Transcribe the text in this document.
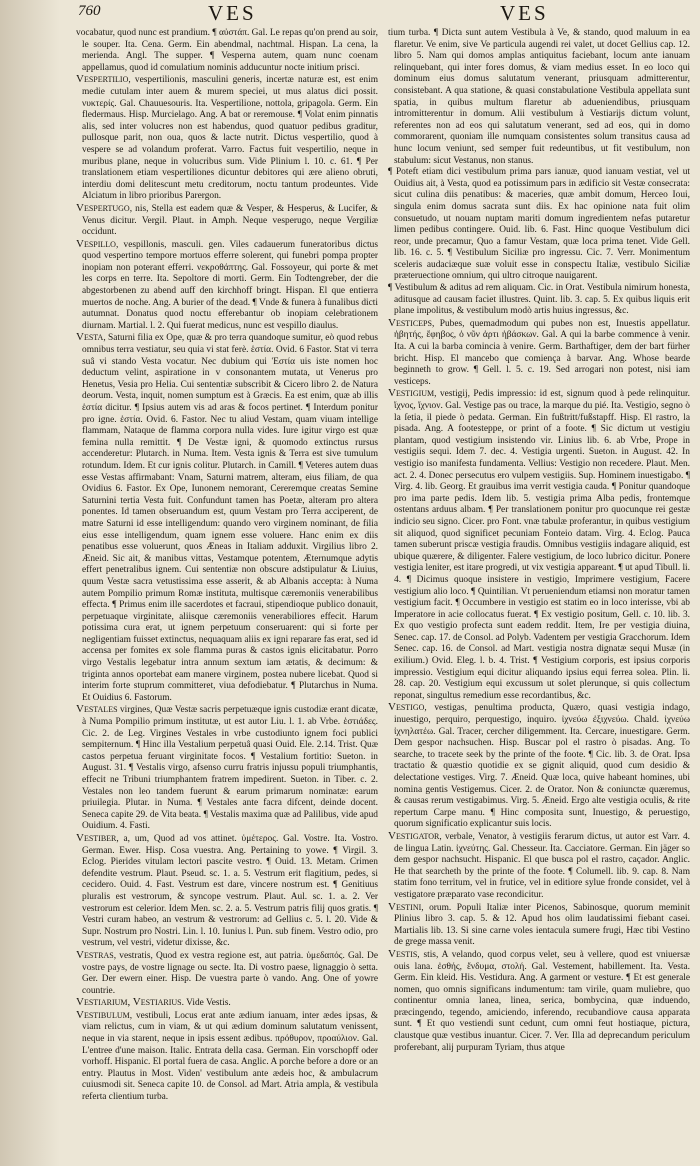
760	VES	VES

vocabatur, quod nunc est prandium. ¶ αὐστάπ. Gal. Le repas qu'on prend au soir, le souper. Ita. Cena. Germ. Ein abendmal, nachtmal. Hispan. La cena, la merienda. Angl. The supper. ¶ Vesperna autem, quam nunc coenam appellamus, quod id comulatium nominis adducuntur nocte initium prisci.

Vespertilio, vespertilionis, masculini generis, incertæ naturæ est, est enim medie cutulam inter auem & murem speciei, ut mus alatus dici possit. νυκτερίς. Gal. Chauuesouris. Ita. Vespertilione, nottola, gripagola. Germ. Ein fledermaus. Hisp. Murcielago. Ang. A bat or reremouse. ¶ Volat enim pinnatis alis, sed inter volucres non est habendus, quod quatuor pedibus graditur, pullosque parit, non oua, quos & lacte nutrit. Dictus vespertilio, quod à vespere se ad volandum proferat. Varro. Factus fuit vespertilio, neque in muribus plane, neque in volucribus sum. Vide Plinium l. 10. c. 61. ¶ Per translationem etiam vespertiliones dicuntur debitores qui ære alieno obruti, interdiu domi delitescunt metu creditorum, noctu tantum prodeuntes. Vide Alciatum in libro prioribus Parergon.

Vespertugo, nis, Stella est eadem quæ & Vesper, & Hesperus, & Lucifer, & Venus dicitur. Vergil. Plaut. in Amph. Neque vesperugo, neque Vergiliæ occidunt.

Vespillo, vespillonis, masculi. gen. Viles cadauerum funeratoribus dictus quod vespertino tempore mortuos efferre solerent, qui funebri pompa propter inopiam non poterant efferri. νεκροθάπτης. Gal. Fossoyeur, qui porte & met les corps en terre. Ita. Sepoltore di morti. Germ. Ein Todtengreber, der die abgestorbenen zu abend auff den kirchhoff bringt. Hispan. El que entierra muertos de noche. Ang. A burier of the dead. ¶ Vnde & funera à funalibus dicti autumnat. Donatus quod noctu efferebantur ob inopiam celebrationem diurnam. Martial. l. 2. Qui fuerat medicus, nunc est vespillo diaulus.

Vesta, Saturni filia ex Ope, quæ & pro terra quandoque sumitur, eò quod rebus omnibus terra vestiatur, seu quia vi stat ferè. ἑστία. Ovid. 6 Fastor. Stat vi terra suâ vi stando Vesta vocatur. Nec dubium qui Ἑστία uis iste nomen hoc deductum velint, aspiratione in v consonantem mutata, ut Venerus pro Henetus, Vesia pro Helia. Cui sententiæ subscribit & Cicero libro 2. de Natura deorum. Vesta, inquit, nomen sumptum est à Græcis. Ea est enim, quæ ab illis ἑστία dicitur. ¶ Ipsius autem vis ad aras & focos pertinet. ¶ Interdum ponitur pro igne. ἑστία. Ovid. 6. Fastor. Nec tu aliud Vestam, quam viuam intellige flammam, Nataque de flamma corpora nulla vides. Iure igitur virgo est quæ femina nulla remittit. ¶ De Vestæ igni, & quomodo extinctus rursus accenderetur: Plutarch. in Numa. Item. Vesta ignis & Terra est sive tumulum rotundum. Idem. Et cur ignis colitur. Plutarch. in Camill. ¶ Veteres autem duas esse Vestas affirmabant: Vnam, Saturni matrem, alteram, eius filiam, de qua Ovidius 6. Fastor. Ex Ope, Iunonem nemorant, Cereremque creatas Semine Saturnini tertia Vesta fuit. Confundunt tamen has Poetæ, alteram pro altera ponentes. Id tamen obseruandum est, quum Vestam pro Terra acciperent, de matre Saturni id esse intelligendum: quando vero virginem nominant, de filia eius esse intelligendum, quam ignem esse voluere. Hanc enim ex diis penatibus esse voluerunt, quos Æneas in Italiam adduxit. Virgilius libro 2. Æneid. Sic ait, & manibus vittas, Vestamque potentem, Æternumque adytis effert penetralibus ignem. Cui sententiæ non obscure adstipulatur & Liuius, quum Vestæ sacra vetustissima esse asserit, & ab Albanis accepta: à Numa autem Pompilio primum Romæ instituta, multisque cæremoniis venerabilibus effecta. ¶ Primus enim ille sacerdotes et facraui, stipendioque publico donauit, perpetuaque virginitate, aliisque cæremoniis venerabiliores effecit. Harum potissima cura erat, ut ignem perpetuum conseruarent: qui si forte per negligentiam fuisset extinctus, nequaquam aliis ex igni reparare fas erat, sed id accensa per fomites ex sole flamma puras & castos ignis elicitabatur. Porro virgo Vestalis legebatur intra annum sextum iam ætatis, & decimum: & triginta annos oportebat eam manere virginem, postea nubere licebat. Quod si interim forte stuprum committeret, viua defodiebatur. ¶ Plutarchus in Numa. Et Ouidius 6. Fastorum.

Vestales virgines, Quæ Vestæ sacris perpetuæque ignis custodiæ erant dicatæ, à Numa Pompilio primum institutæ, ut est autor Liu. l. 1. ab Vrbe. ἑστιάδες. Cic. 2. de Leg. Virgines Vestales in vrbe custodiunto ignem foci publici sempiternum. ¶ Hinc illa Vestalium perpetuâ quasi Ouid. Ele. 2.14. Trist. Quæ castos perpetua feruant virginitate focos. ¶ Vestalium fortitio: Sueton. in August. 31. ¶ Vestalis virgo, afsenso curru fratris injussu populi triumphantis, effecit ne Tribuni triumphantem fratrem impedirent. Sueton. in Tiber. c. 2. Vestales non leo tandem fuerunt & earum primarum nominatæ: earum priuilegia. Plutar. in Numa. ¶ Vestales ante facra difcent, deinde docent. Seneca capite 29. de Vita beata. ¶ Vestalis maxima quæ ad Palilibus, vide apud Ouidium. 4. Fasti.

Vestiber, a, um, Quod ad vos attinet. ὑμέτερος. Gal. Vostre. Ita. Vostro. German. Ewer. Hisp. Cosa vuestra. Ang. Pertaining to yowe. ¶ Virgil. 3. Eclog. Pierides vitulam lectori pascite vestro. ¶ Ouid. 13. Metam. Crimen defendite vestrum. Plaut. Pseud. sc. 1. a. 5. Vestrum erit flagitium, pedes, si cecidero. Ouid. 4. Fast. Vestrum est dare, vincere nostrum est. ¶ Genitiuus pluralis est vestrorum, & syncope vestrum. Plaut. Aul. sc. 1. a. 2. Ver vestrorum est celerior. Idem Men. sc. 2. a. 5. Vestrum patris filij quos gratis. ¶ Vestri curam habeo, an vestrum & vestrorum: ad Gellius c. 5. l. 20. Vide & Supr. Nostrum pro Nostri. Lin. l. 10. Iunius l. Pun. sub finem. Vestro odio, pro vestrum, vel vestri, videtur dixisse, &c.

Vestras, vestratis, Quod ex vestra regione est, aut patria. ὑμεδαπός. Gal. De vostre pays, de vostre lignage ou secte. Ita. Di vostro paese, lignaggio ò setta. Ger. Der ewern einer. Hisp. De vuestra parte ò vando. Ang. One of yowre countrie.

Vestiarium, Vestiarius. Vide Vestis.

Vestibulum, vestibuli, Locus erat ante ædium ianuam, inter ædes ipsas, & viam relictus, cum in viam, & ut qui ædium dominum salutatum venissent, neque in via starent, neque in ipsis essent ædibus. πρόθυρον, προαύλιον. Gal. L'entree d'une maison. Italic. Entrata della casa. German. Ein vorschopff oder vorhoff. Hispanic. El portal fuera de casa. Anglic. A porche before a dore or an entry. Plautus in Most. Viden' vestibulum ante ædeis hoc, & ambulacrum cuiusmodi sit. Seneca capite 10. de Consol. ad Mart. Atria ampla, & vestibula referta clientium turba.

tium turba. ¶ Dicta sunt autem Vestibula à Ve, & stando, quod maluum in ea flaretur. Ve enim, sive Ve particula augendi rei valet, ut docet Gellius cap. 12. libro 5. Nam qui domos amplas antiquitus faciebant, locum ante ianuam relinquebant, qui inter fores domus, & viam medius esset. In eo loco qui dominum eius domus salutatum venerant, priusquam admitterentur, consistebant. A qua statione, & quasi constabulatione Vestibula appellata sunt spatia, in quibus multum flaretur ab adueniendibus, priusquam intromitterentur in domum. Alii vestibulum à Vestiarijs dictum volunt, referentes non ad eos qui salutatum venerant, sed ad eos, qui in domo commorarent, quoniam ille numquam consistentes solum transitus causa ad hunc locum veniunt, sed semper fuit redeuntibus, ut fit vestibulum, non stabulum: sicut Vestanus, non stanus.

¶ Poteft etiam dici vestibulum prima pars ianuæ, quod ianuam vestiat, vel ut Ouidius ait, à Vesta, quod ea potissimum pars in ædificio sit Vestæ consecrata: sicut culina diis penatibus: & maceries, quæ ambit domum, Herceo Ioui, singula enim domus sacrata sunt diis. Ex hac opinione nata fuit olim consuetudo, ut nouam nuptam mariti domum ingredientem nefas putaretur limen pedibus contingere. Ouid. lib. 6. Fast. Hinc quoque Vestibulum dici reor, unde precamur, Quo a famur Vestam, quæ loca prima tenet. Vide Gell. lib. 16. c. 5. ¶ Vestibulum Siciliæ pro ingressu. Cic. 7. Verr. Monimentum sceleris audaciæque suæ voluit esse in conspectu Italiæ, vestibulo Siciliæ præteruectione omnium, qui ultro citroque nauigarent.

¶ Vestibulum & aditus ad rem aliquam. Cic. in Orat. Vestibula nimirum honesta, aditusque ad causam faciet illustres. Quint. lib. 3. cap. 5. Ex quibus liquis erit plane impolitus, & vestibulum modò artis huius ingressus, &c.

Vesticeps, Pubes, quemadmodum qui pubes non est, Inuestis appellatur. ἡβητής, ἔφηβος, ὁ νῦν ἀρτι ἡβάσκων. Gal. A qui la barbe commence à venir. Ita. A cui la barba comincia à venire. Germ. Barthaftiger, dem der bart fürher bricht. Hisp. El mancebo que comiença à barvar. Ang. Whose bearde beginneth to grow. ¶ Gell. l. 5. c. 19. Sed arrogari non potest, nisi iam vesticeps.

Vestigium, vestigij, Pedis impressio: id est, signum quod à pede relinquitur. ἴχνος, ἴχνιον. Gal. Vestige pas ou trace, la marque du pié. Ita. Vestigio, segno ò la ſetia, il piede ò pedata. German. Ein fußtritt/fußstapff. Hisp. El rastro, la pisada. Ang. A footesteppe, or print of a foote. ¶ Sic dictum ut vestigiu plantam, quod vestigium insistendo vir. Linius lib. 6. ab Vrbe, Prope in vestigiis sequi. Idem 7. dec. 4. Vestigia urgenti. Sueton. in August. 42. In vestigio iso manifesta fundamenta. Vellius: Vestigio non recedere. Plaut. Men. act. 2. 4. Donec persecutus ero vulpem vestigiis. Sup. Hominem inuestigabo. ¶ Virg. 4. lib. Georg. Et grauibus ima verrit vestigia cauda. ¶ Ponitur quandoque pro ima parte pedis. Idem lib. 5. vestigia prima Alba pedis, frontemque ostentans arduus albam. ¶ Per translationem ponitur pro quocunque rei gestæ indicio seu signo. Cicer. pro Font. vnæ tabulæ proferantur, in quibus vestigium sit aliquod, quod significet pecuniam Fonteio datam. Virg. 4. Eclog. Pauca tamen suberunt priscæ vestigia fraudis. Omnibus vestigiis indagare aliquid, est ubique quærere, & diligenter. Falere vestigium, de loco lubrico dicitur. Ponere vestigia leniter, est itare progredi, ut vix vestigia appareant. ¶ ut apud Tibull. li. 4. ¶ Dicimus quoque insistere in vestigio, Imprimere vestigium, Facere vestigium alio loco. ¶ Quintilian. Vt perueniendum etiamsi non moratur tamen vestigium facit. ¶ Occumbere in vestigio est statim eo in loco interisse, vbi ab Imperatore in acie collocatus fuerat. ¶ Ex vestigio positum, Gell. c. 10. lib. 3. Ex quo vestigio profecta sunt eadem reddit. Item, Ire per vestigia diuina, Senec. cap. 17. de Consol. ad Polyb. Vadentem per vestigia Gracchorum. Idem Senec. cap. 16. de Consol. ad Mart. vestigia nostra dignatæ sequi Musæ (in exilium.) Ovid. Eleg. l. b. 4. Trist. ¶ Vestigium corporis, est ipsius corporis impressio. Vestigium equi dicitur aliquando ipsius equi ferrea solea. Plin. li. 28. cap. 20. Vestigium equi excussum ut solet plerunque, si quis collectum reponat, singultus remedium esse recordantibus, &c.

Vestigo, vestigas, penultima producta, Quæro, quasi vestigia indago, inuestigo, perquiro, perquestigo, inquiro. ἰχνεύω ἐξιχνεύω. Chald. ἰχνεύω ἰχνηλατέω. Gal. Tracer, cercher diligemment. Ita. Cercare, inuestigare. Germ. Dem gespor nachsuchen. Hisp. Buscar pol el rastro ò pisadas. Ang. To searche, to tracete seek by the printe of the foote. ¶ Cic. lib. 3. de Orat. Ipsa tractatio & quæstio quotidie ex se gignit aliquid, quod cum desidio & delectatione vestiges. Virg. 7. Æneid. Quæ loca, quive habeant homines, ubi nomina gentis Vestigemus. Cicer. 2. de Orator. Non & coniunctæ quæremus, & causas rerum vestigabimus. Virg. 5. Æneid. Ergo alte vestigia oculis, & rite repertum Carpe manu. ¶ Hinc composita sunt, Inuestigo, & peruestigo, quorum significatio explicantur suis locis.

Vestigator, verbale, Venator, à vestigiis ferarum dictus, ut autor est Varr. 4. de lingua Latin. ἰχνεύτης. Gal. Chesseur. Ita. Cacciatore. German. Ein jäger so dem gespor nachsucht. Hispanic. El que busca pol el rastro, caçador. Anglic. He that searcheth by the printe of the foote. ¶ Columell. lib. 9. cap. 8. Nam statim fono territum, vel in frutice, vel in editiore sylue fronde considet, vel à vestigatore præparato vase recondicitur.

Vestini, orum. Populi Italiæ inter Picenos, Sabinosque, quorum meminit Plinius libro 3. cap. 5. & 12. Apud hos olim laudatissimi fiebant casei. Martialis lib. 13. Si sine carne voles ientacula sumere frugi, Hæc tibi Vestino de grege massa venit.

Vestis, stis, A velando, quod corpus velet, seu à vellere, quod est vniuersæ ouis lana. ἐσθής, ἔνδυμα, στολή. Gal. Vestement, habillement. Ita. Vesta. Germ. Ein kleid. His. Vestidura. Ang. A garment or vesture. ¶ Et est generale nomen, quo omnis significans indumentum: tam virile, quam muliebre, quo continentur omnia lanea, linea, serica, bombycina, quæ induendo, præcingendo, tegendo, amiciendo, inferendo, recubandiove causa apparata sunt. ¶ Et quo vestiendi sunt cedunt, cum omni feut hostiaque, pictura, claustque quæ vestibus inuantur. Cicer. 7. Ver. Illa ad deprecandum periculum proferebant, alij purpuram Tyriam, thus atque
